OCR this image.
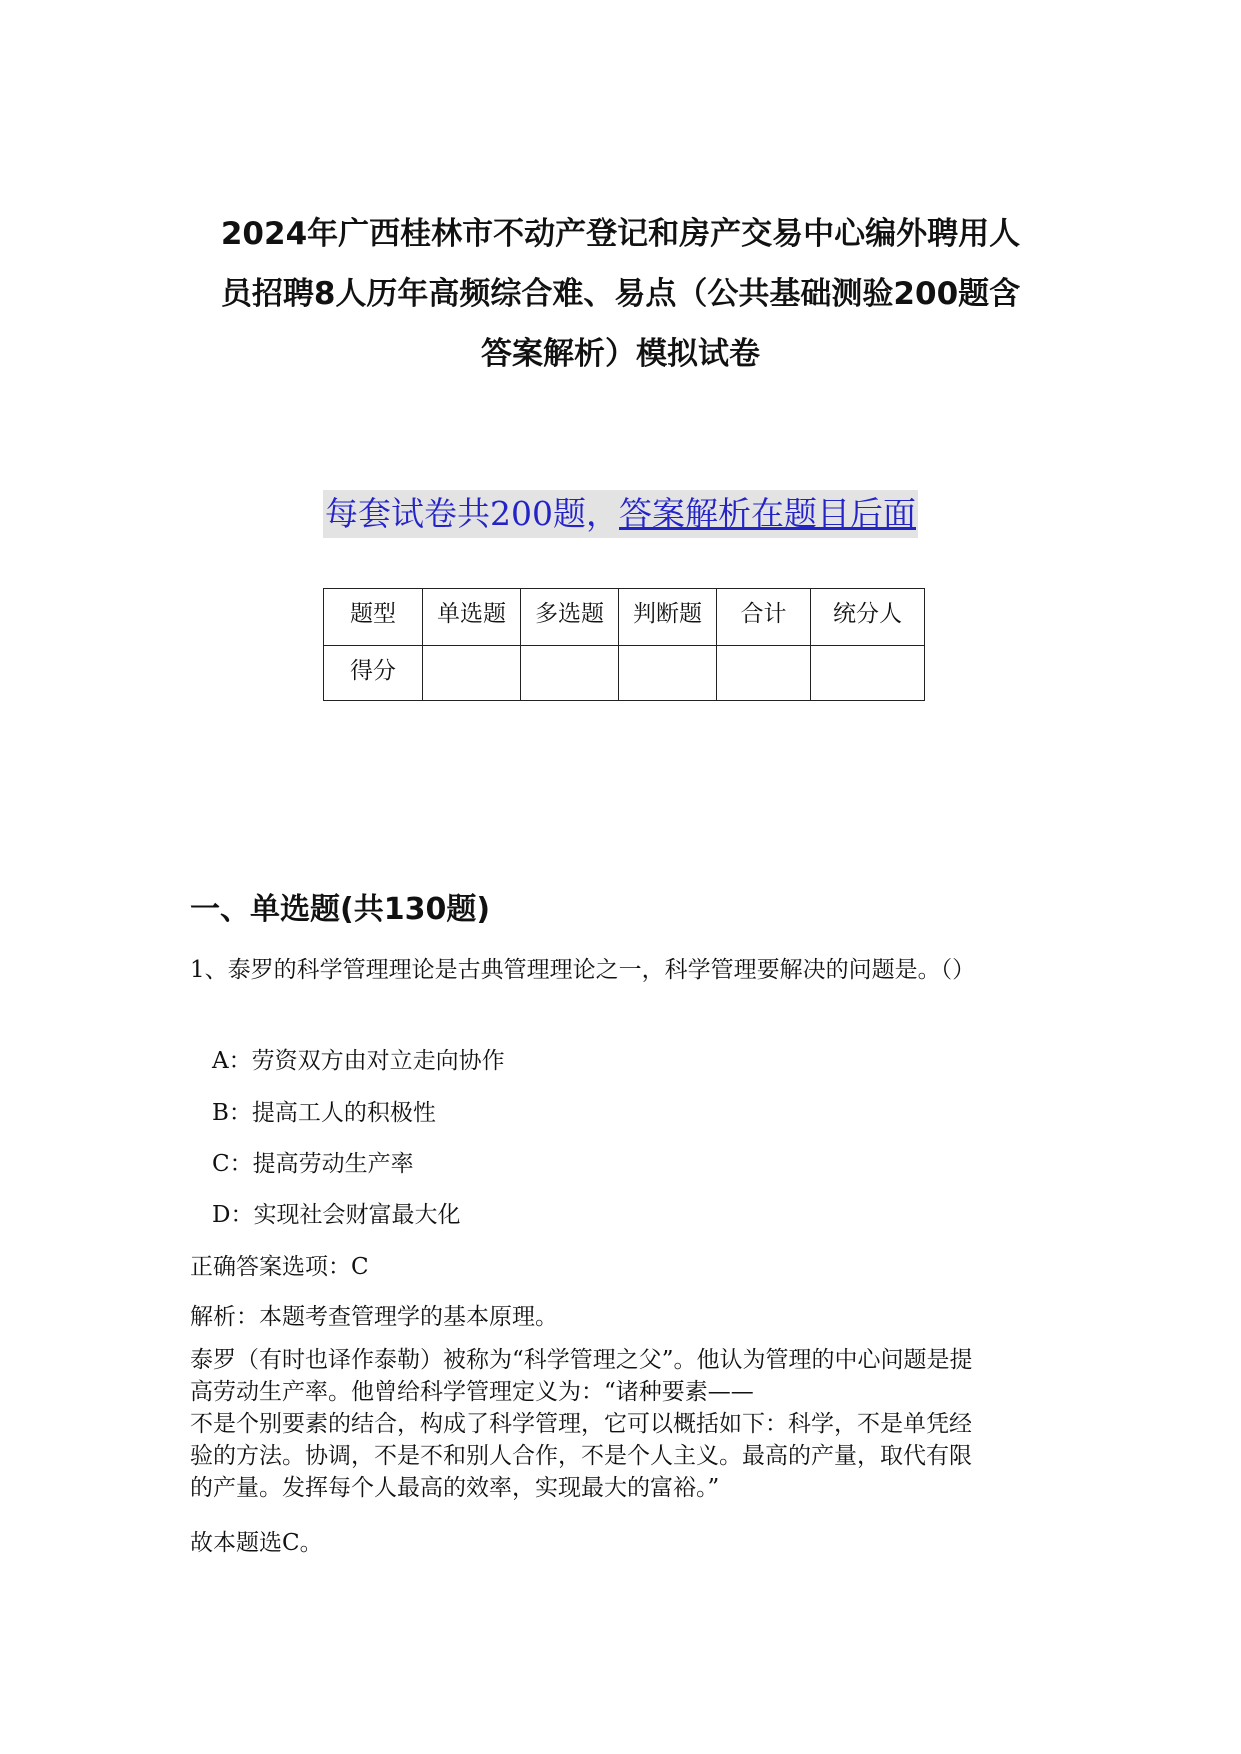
2024年广西桂林市不动产登记和房产交易中心编外聘用人
员招聘8人历年高频综合难、易点（公共基础测验200题含
答案解析）模拟试卷
每套试卷共200题，答案解析在题目后面
题型	单选题	多选题	判断题	合计	统分人
得分					
一、单选题(共130题)
1、泰罗的科学管理理论是古典管理理论之一，科学管理要解决的问题是。（）
A：劳资双方由对立走向协作
B：提高工人的积极性
C：提高劳动生产率
D：实现社会财富最大化
正确答案选项：C
解析：本题考查管理学的基本原理。
泰罗（有时也译作泰勒）被称为“科学管理之父”。他认为管理的中心问题是提
高劳动生产率。他曾给科学管理定义为：“诸种要素——
不是个别要素的结合，构成了科学管理，它可以概括如下：科学，不是单凭经
验的方法。协调，不是不和别人合作，不是个人主义。最高的产量，取代有限
的产量。发挥每个人最高的效率，实现最大的富裕。”
故本题选C。
